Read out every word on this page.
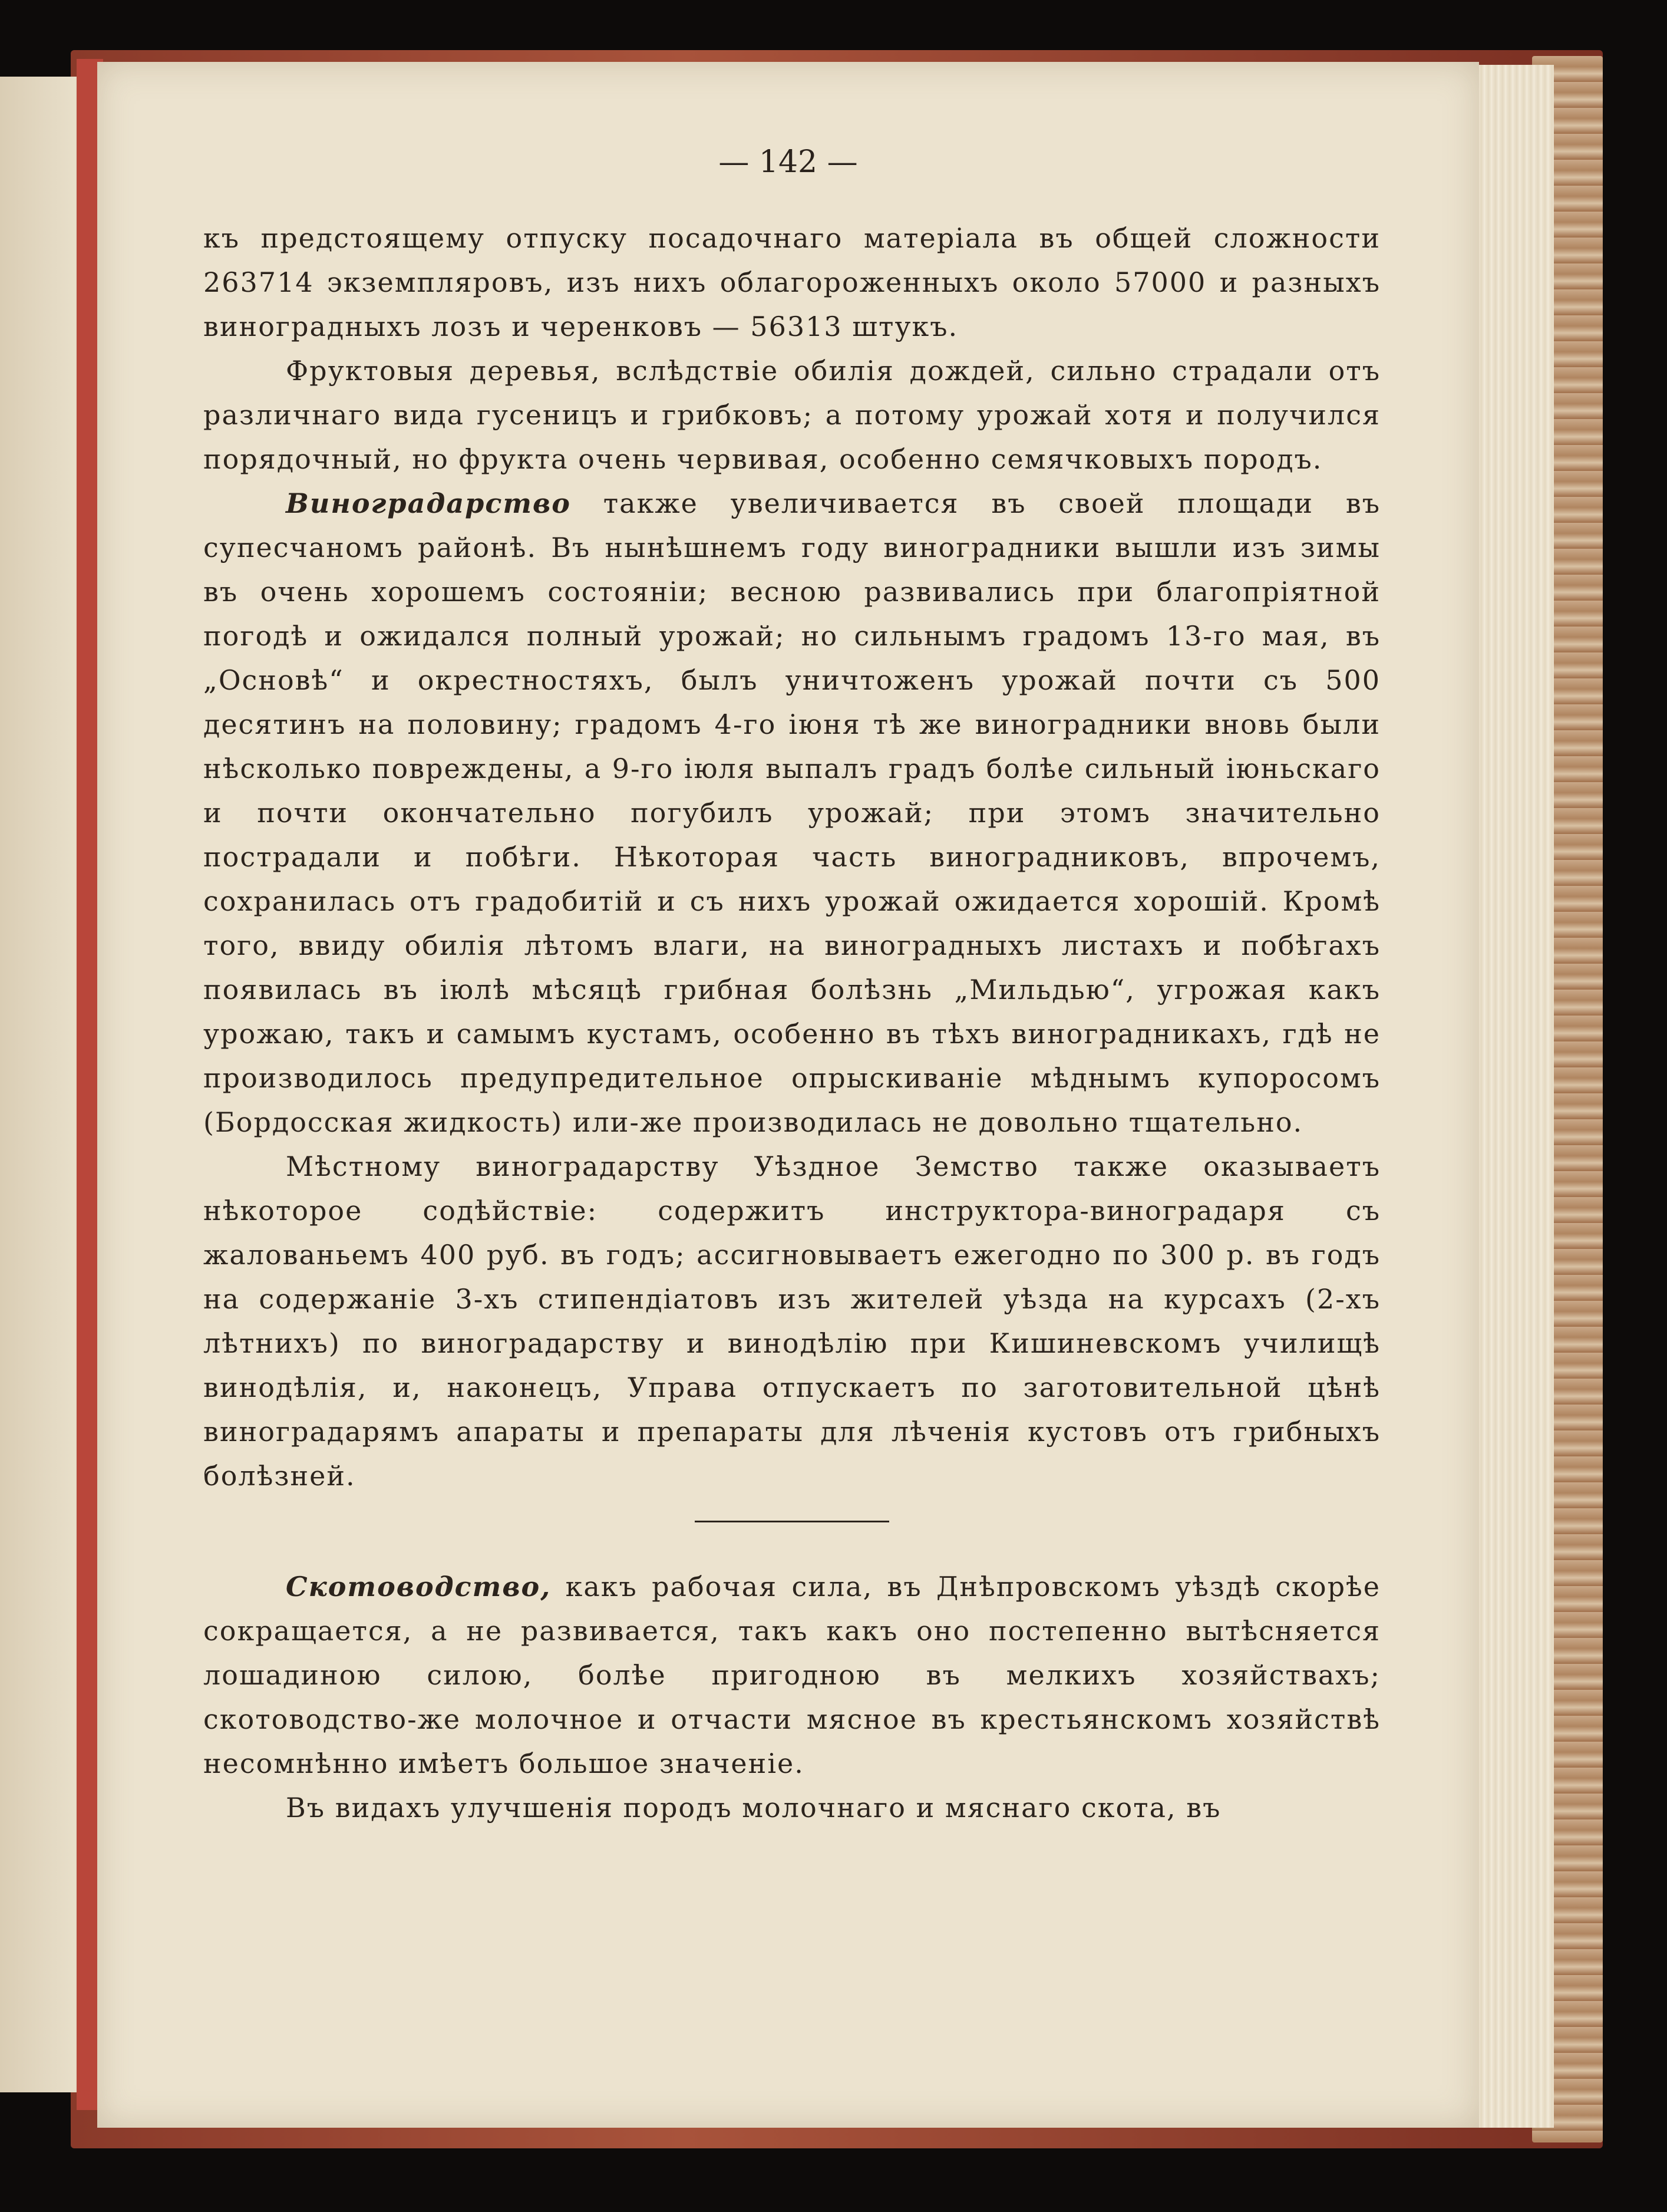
— 142 —

къ предстоящему отпуску посадочнаго матеріала въ общей сложности 263714 экземпляровъ, изъ нихъ облагороженныхъ около 57000 и разныхъ виноградныхъ лозъ и черенковъ — 56313 штукъ.

Фруктовыя деревья, вслѣдствіе обилія дождей, сильно страдали отъ различнаго вида гусеницъ и грибковъ; а потому урожай хотя и получился порядочный, но фрукта очень червивая, особенно семячковыхъ породъ.

Виноградарство также увеличивается въ своей площади въ супесчаномъ районѣ. Въ нынѣшнемъ году виноградники вышли изъ зимы въ очень хорошемъ состояніи; весною развивались при благопріятной погодѣ и ожидался полный урожай; но сильнымъ градомъ 13-го мая, въ „Основѣ“ и окрестностяхъ, былъ уничтоженъ урожай почти съ 500 десятинъ на половину; градомъ 4-го іюня тѣ же виноградники вновь были нѣсколько повреждены, а 9-го іюля выпалъ градъ болѣе сильный іюньскаго и почти окончательно погубилъ урожай; при этомъ значительно пострадали и побѣги. Нѣкоторая часть виноградниковъ, впрочемъ, сохранилась отъ градобитій и съ нихъ урожай ожидается хорошій. Кромѣ того, ввиду обилія лѣтомъ влаги, на виноградныхъ листахъ и побѣгахъ появилась въ іюлѣ мѣсяцѣ грибная болѣзнь „Мильдью“, угрожая какъ урожаю, такъ и самымъ кустамъ, особенно въ тѣхъ виноградникахъ, гдѣ не производилось предупредительное опрыскиваніе мѣднымъ купоросомъ (Бордосская жидкость) или-же производилась не довольно тщательно.

Мѣстному виноградарству Уѣздное Земство также оказываетъ нѣкоторое содѣйствіе: содержитъ инструктора-виноградаря съ жалованьемъ 400 руб. въ годъ; ассигновываетъ ежегодно по 300 р. въ годъ на содержаніе 3-хъ стипендіатовъ изъ жителей уѣзда на курсахъ (2-хъ лѣтнихъ) по виноградарству и винодѣлію при Кишиневскомъ училищѣ винодѣлія, и, наконецъ, Управа отпускаетъ по заготовительной цѣнѣ виноградарямъ апараты и препараты для лѣченія кустовъ отъ грибныхъ болѣзней.

Скотоводство, какъ рабочая сила, въ Днѣпровскомъ уѣздѣ скорѣе сокращается, а не развивается, такъ какъ оно постепенно вытѣсняется лошадиною силою, болѣе пригодною въ мелкихъ хозяйствахъ; скотоводство-же молочное и отчасти мясное въ крестьянскомъ хозяйствѣ несомнѣнно имѣетъ большое значеніе.

Въ видахъ улучшенія породъ молочнаго и мяснаго скота, въ
